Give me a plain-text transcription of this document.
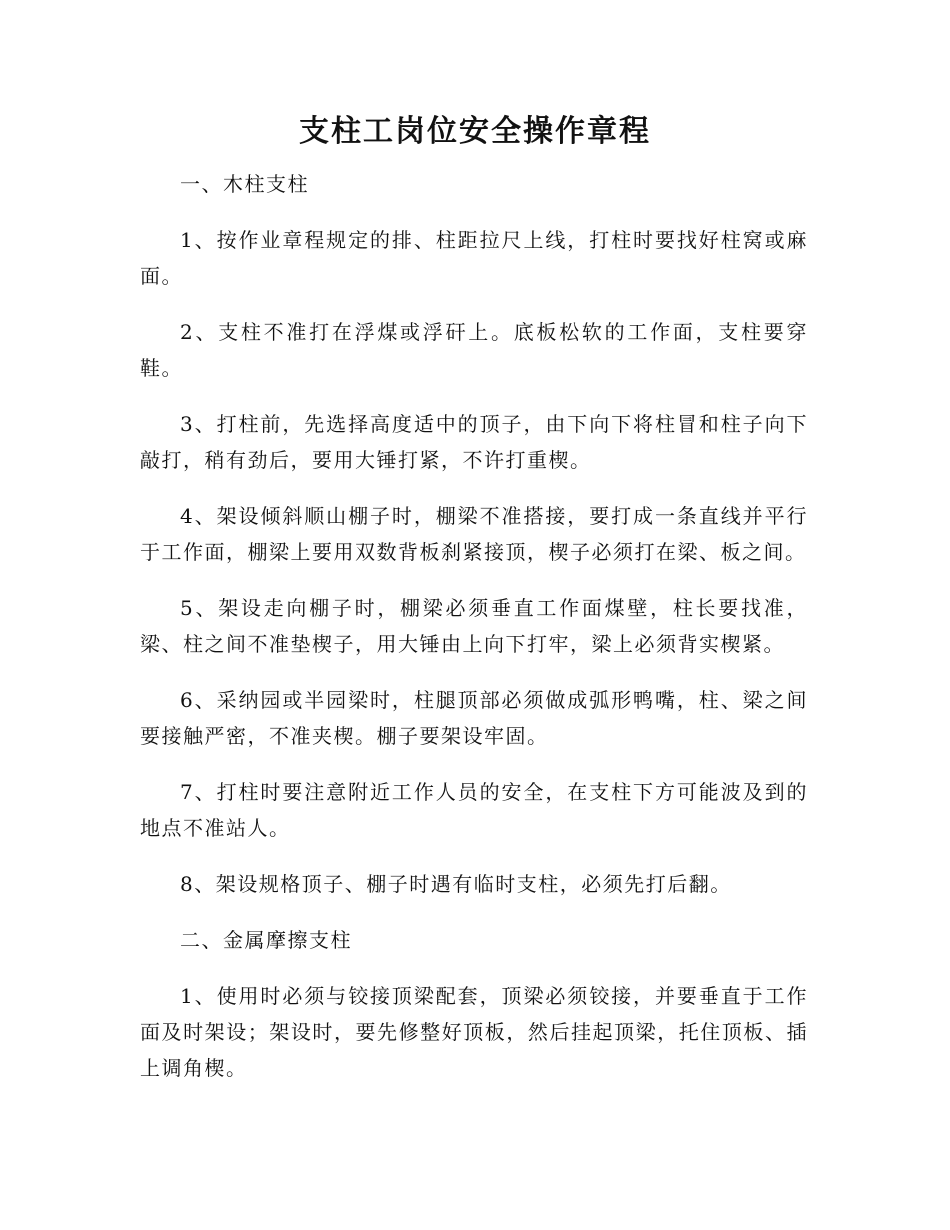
支柱工岗位安全操作章程

一、木柱支柱

1、按作业章程规定的排、柱距拉尺上线，打柱时要找好柱窝或麻面。

2、支柱不准打在浮煤或浮矸上。底板松软的工作面，支柱要穿鞋。

3、打柱前，先选择高度适中的顶子，由下向下将柱冒和柱子向下敲打，稍有劲后，要用大锤打紧，不许打重楔。

4、架设倾斜顺山棚子时，棚梁不准搭接，要打成一条直线并平行于工作面，棚梁上要用双数背板刹紧接顶，楔子必须打在梁、板之间。

5、架设走向棚子时，棚梁必须垂直工作面煤壁，柱长要找准，梁、柱之间不准垫楔子，用大锤由上向下打牢，梁上必须背实楔紧。

6、采纳园或半园梁时，柱腿顶部必须做成弧形鸭嘴，柱、梁之间要接触严密，不准夹楔。棚子要架设牢固。

7、打柱时要注意附近工作人员的安全，在支柱下方可能波及到的地点不准站人。

8、架设规格顶子、棚子时遇有临时支柱，必须先打后翻。

二、金属摩擦支柱

1、使用时必须与铰接顶梁配套，顶梁必须铰接，并要垂直于工作面及时架设；架设时，要先修整好顶板，然后挂起顶梁，托住顶板、插上调角楔。
